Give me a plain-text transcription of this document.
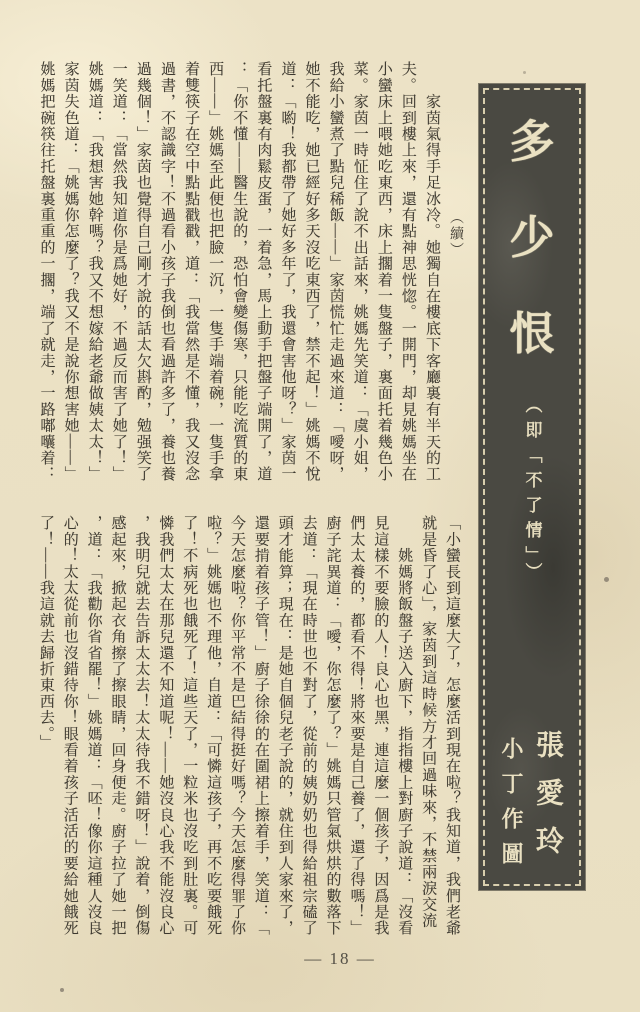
（續）
　　家茵氣得手足冰冷。她獨自在樓底下客廳裏有半天的工
夫。回到樓上來，還有點神思恍惚。一開門，却見姚媽坐在
小蠻床上喂她吃東西，床上擱着一隻盤子，裏面托着幾色小
菜。家茵一時怔住了說不出話來，姚媽先笑道：「虞小姐，
我給小蠻煮了點兒稀飯——」家茵慌忙走過來道：「噯呀，
她不能吃，她已經好多天沒吃東西了，禁不起！」姚媽不悅
道：「喲！我都帶了她好多年了，我還會害他呀？」家茵一
看托盤裏有肉鬆皮蛋，一着急，馬上動手把盤子端開了，道
：「你不懂——醫生說的，恐怕會變傷寒，只能吃流質的東
西——」姚媽至此便也把臉一沉，一隻手端着碗，一隻手拿
着雙筷子在空中點點戳戳，道：「我當然是不懂，我又沒念
過書，不認識字！不過看小孩子我倒也看過許多了，養也養
過幾個！」家茵也覺得自己剛才說的話太欠斟酌，勉强笑了
一笑道：「當然我知道你是爲她好，不過反而害了她了！」
姚媽道：「我想害她幹嗎？我又不想嫁給老爺做姨太太！」
家茵失色道：「姚媽你怎麼了？我又不是說你想害她——」
姚媽把碗筷往托盤裏重重的一擱，端了就走，一路嘟囔着：
「小蠻長到這麼大了，怎麼活到現在啦？我知道，我們老爺
就是昏了心」，家茵到這時候方才回過味來，不禁兩淚交流
　　姚媽將飯盤子送入廚下，指指樓上對廚子說道：「沒看
見這樣不要臉的人！良心也黑，連這麼一個孩子，因爲是我
們太太養的，都看不得！將來要是自己養了，還了得嗎！」
廚子詫異道：「噯，你怎麼了？」姚媽只管氣烘烘的數落下
去道：「現在時世也不對了，從前的姨奶奶也得給祖宗磕了
頭才能算；現在：是她自個兒老子說的，就住到人家來了，
還要掯着孩子管！」廚子徐徐的在圍裙上擦着手，笑道：「
今天怎麼啦？你平常不是巴結得挺好嗎？今天怎麼得罪了你
啦？」姚媽也不理他，自道：「可憐這孩子，再不吃要餓死
了！不病死也餓死了！這些天了，一粒米也沒吃到肚裏。可
憐我們太太在那兒還不知道呢！——她沒良心我不能沒良心
，我明兒就去告訴太太去！太太待我不錯呀！」說着，倒傷
感起來，掀起衣角擦了擦眼睛，回身便走。廚子拉了她一把
，道：「我勸你省省罷！」姚媽道：「呸！像你這種人沒良
心的！太太從前也沒錯待你！眼看着孩子活活的要給她餓死
了！——我這就去歸折東西去。」
多
少
恨
（即「不了情」）
張愛玲
小丁作圖
— 18 —
